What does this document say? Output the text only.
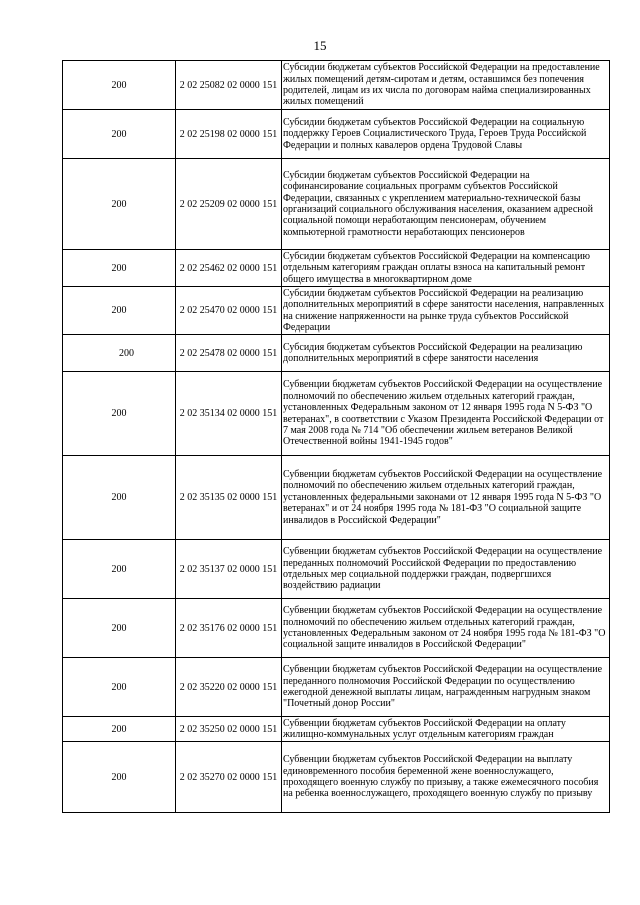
15
200	2 02 25082 02 0000 151	Субсидии бюджетам субъектов Российской Федерации на предоставление жилых помещений детям-сиротам и детям, оставшимся без попечения родителей, лицам из их числа по договорам найма специализированных жилых помещений
200	2 02 25198 02 0000 151	Субсидии бюджетам субъектов Российской Федерации на социальную поддержку Героев Социалистического Труда, Героев Труда Российской Федерации и полных кавалеров ордена Трудовой Славы
200	2 02 25209 02 0000 151	Субсидии бюджетам субъектов Российской Федерации на софинансирование социальных программ субъектов Российской Федерации, связанных с укреплением материально-технической базы организаций социального обслуживания населения, оказанием адресной социальной помощи неработающим пенсионерам, обучением компьютерной грамотности неработающих пенсионеров
200	2 02 25462 02 0000 151	Субсидии бюджетам субъектов Российской Федерации на компенсацию отдельным категориям граждан оплаты взноса на капитальный ремонт общего имущества в многоквартирном доме
200	2 02 25470 02 0000 151	Субсидии бюджетам субъектов Российской Федерации на реализацию дополнительных мероприятий в сфере занятости населения, направленных на снижение напряженности на рынке труда субъектов Российской Федерации
200	2 02 25478 02 0000 151	Субсидия бюджетам субъектов Российской Федерации на реализацию дополнительных мероприятий в сфере занятости населения
200	2 02 35134 02 0000 151	Субвенции бюджетам субъектов Российской Федерации на осуществление полномочий по обеспечению жильем отдельных категорий граждан, установленных Федеральным законом от 12 января 1995 года N 5-ФЗ "О ветеранах", в соответствии с Указом Президента Российской Федерации от 7 мая 2008 года № 714 "Об обеспечении жильем ветеранов Великой Отечественной войны 1941-1945 годов"
200	2 02 35135 02 0000 151	Субвенции бюджетам субъектов Российской Федерации на осуществление полномочий по обеспечению жильем отдельных категорий граждан, установленных федеральными законами от 12 января 1995 года N 5-ФЗ "О ветеранах" и от 24 ноября 1995 года № 181-ФЗ "О социальной защите инвалидов в Российской Федерации"
200	2 02 35137 02 0000 151	Субвенции бюджетам субъектов Российской Федерации на осуществление переданных полномочий Российской Федерации по предоставлению отдельных мер социальной поддержки граждан, подвергшихся воздействию радиации
200	2 02 35176 02 0000 151	Субвенции бюджетам субъектов Российской Федерации на осуществление полномочий по обеспечению жильем отдельных категорий граждан, установленных Федеральным законом от 24 ноября 1995 года № 181-ФЗ "О социальной защите инвалидов в Российской Федерации"
200	2 02 35220 02 0000 151	Субвенции бюджетам субъектов Российской Федерации на осуществление переданного полномочия Российской Федерации по осуществлению ежегодной денежной выплаты лицам, награжденным нагрудным знаком "Почетный донор России"
200	2 02 35250 02 0000 151	Субвенции бюджетам субъектов Российской Федерации на оплату жилищно-коммунальных услуг отдельным категориям граждан
200	2 02 35270 02 0000 151	Субвенции бюджетам субъектов Российской Федерации на выплату единовременного пособия беременной жене военнослужащего, проходящего военную службу по призыву, а также ежемесячного пособия на ребенка военнослужащего, проходящего военную службу по призыву
